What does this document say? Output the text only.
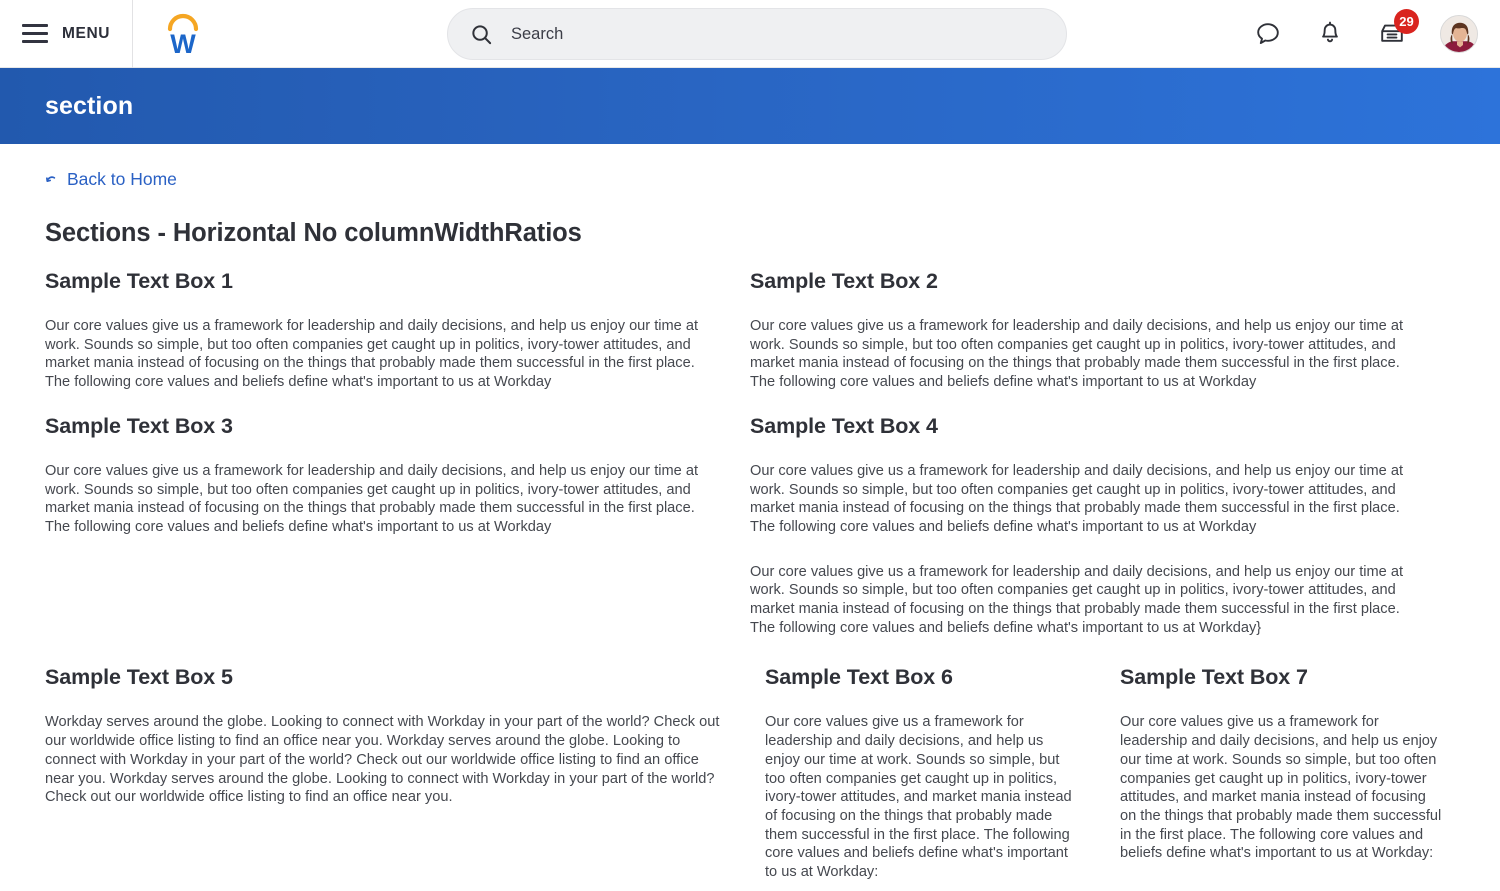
MENU W	Search
29
section
Back to Home
Sections - Horizontal No columnWidthRatios
Sample Text Box 1

Our core values give us a framework for leadership and daily decisions, and help us enjoy our time at work. Sounds so simple, but too often companies get caught up in politics, ivory-tower attitudes, and market mania instead of focusing on the things that probably made them successful in the first place. The following core values and beliefs define what's important to us at Workday

Sample Text Box 2

Our core values give us a framework for leadership and daily decisions, and help us enjoy our time at work. Sounds so simple, but too often companies get caught up in politics, ivory-tower attitudes, and market mania instead of focusing on the things that probably made them successful in the first place. The following core values and beliefs define what's important to us at Workday

Sample Text Box 3

Our core values give us a framework for leadership and daily decisions, and help us enjoy our time at work. Sounds so simple, but too often companies get caught up in politics, ivory-tower attitudes, and market mania instead of focusing on the things that probably made them successful in the first place. The following core values and beliefs define what's important to us at Workday

Sample Text Box 4

Our core values give us a framework for leadership and daily decisions, and help us enjoy our time at work. Sounds so simple, but too often companies get caught up in politics, ivory-tower attitudes, and market mania instead of focusing on the things that probably made them successful in the first place. The following core values and beliefs define what's important to us at Workday

Our core values give us a framework for leadership and daily decisions, and help us enjoy our time at work. Sounds so simple, but too often companies get caught up in politics, ivory-tower attitudes, and market mania instead of focusing on the things that probably made them successful in the first place. The following core values and beliefs define what's important to us at Workday}

Sample Text Box 5

Workday serves around the globe. Looking to connect with Workday in your part of the world? Check out our worldwide office listing to find an office near you. Workday serves around the globe. Looking to connect with Workday in your part of the world? Check out our worldwide office listing to find an office near you. Workday serves around the globe. Looking to connect with Workday in your part of the world? Check out our worldwide office listing to find an office near you.

Sample Text Box 6

Our core values give us a framework for leadership and daily decisions, and help us enjoy our time at work. Sounds so simple, but too often companies get caught up in politics, ivory-tower attitudes, and market mania instead of focusing on the things that probably made them successful in the first place. The following core values and beliefs define what's important to us at Workday:

Sample Text Box 7

Our core values give us a framework for leadership and daily decisions, and help us enjoy our time at work. Sounds so simple, but too often companies get caught up in politics, ivory-tower attitudes, and market mania instead of focusing on the things that probably made them successful in the first place. The following core values and beliefs define what's important to us at Workday:
